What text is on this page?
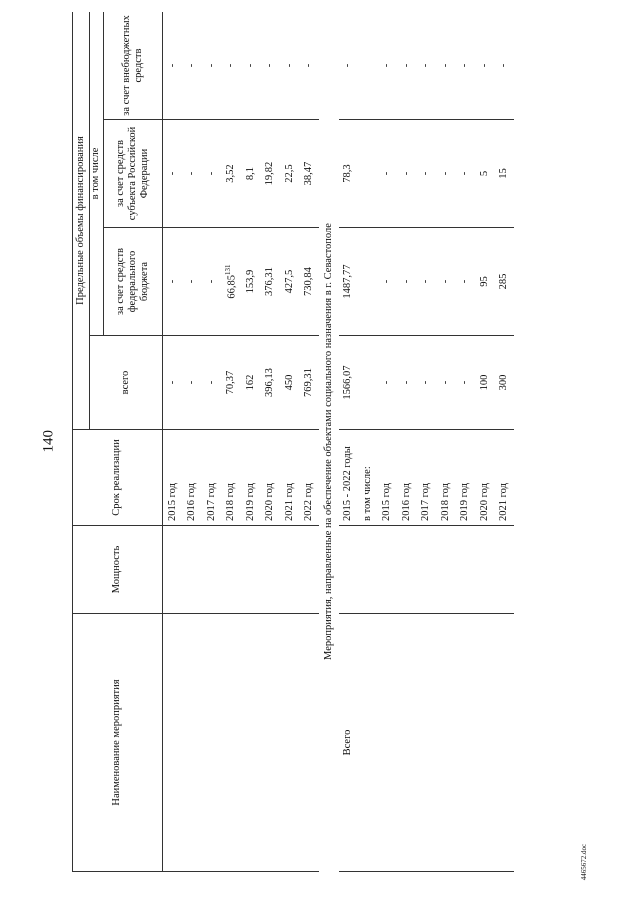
140
Наименование мероприятия	Мощность	Срок реализации	Предельные объемы финансирования			
			всего	в том числе		
				за счет средств федерального бюджета	за счет средств субъекта Российской Федерации	за счет внебюджетных средств
		2015 год	-	-	-	-
		2016 год	-	-	-	-
		2017 год	-	-	-	-
		2018 год	70,37	66,85$^{131}$	3,52	-
		2019 год	162	153,9	8,1	-
		2020 год	396,13	376,31	19,82	-
		2021 год	450	427,5	22,5	-
		2022 год	769,31	730,84	38,47	-
Мероприятия, направленные на обеспечение объектами социального назначения в г. Севастополе						
Всего		2015 - 2022 годы	1566,07	1487,77	78,3	-
		в том числе:				
		2015 год	-	-	-	-
		2016 год	-	-	-	-
		2017 год	-	-	-	-
		2018 год	-	-	-	-
		2019 год	-	-	-	-
		2020 год	100	95	5	-
		2021 год	300	285	15	-
4465672.doc
